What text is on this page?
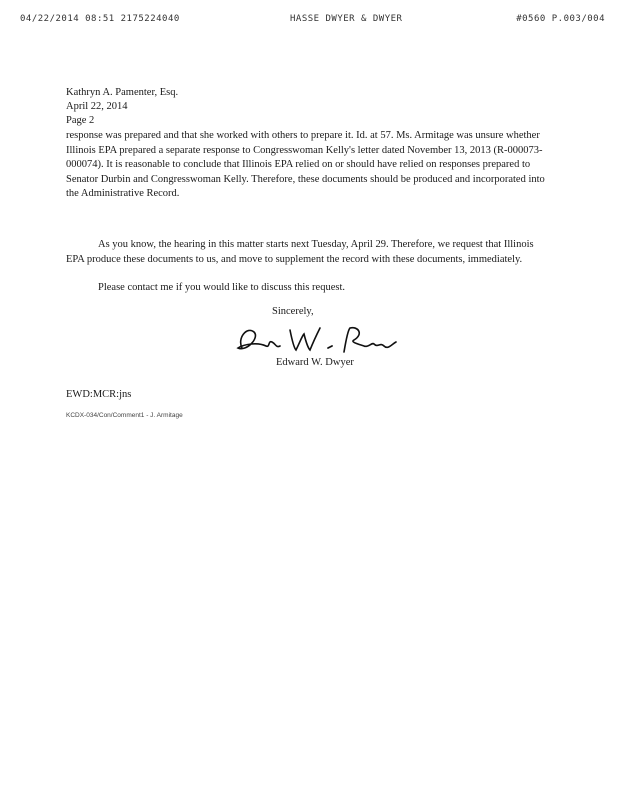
04/22/2014 08:51 2175224040	HASSE DWYER & DWYER	#0560 P.003/004
Kathryn A. Pamenter, Esq.
April 22, 2014
Page 2
response was prepared and that she worked with others to prepare it. Id. at 57. Ms. Armitage was unsure whether Illinois EPA prepared a separate response to Congresswoman Kelly's letter dated November 13, 2013 (R-000073-000074). It is reasonable to conclude that Illinois EPA relied on or should have relied on responses prepared to Senator Durbin and Congresswoman Kelly. Therefore, these documents should be produced and incorporated into the Administrative Record.
As you know, the hearing in this matter starts next Tuesday, April 29. Therefore, we request that Illinois EPA produce these documents to us, and move to supplement the record with these documents, immediately.
Please contact me if you would like to discuss this request.
Sincerely,
Edward W. Dwyer
EWD:MCR:jns
KCDX-034/Con/Comment1 - J. Armitage
